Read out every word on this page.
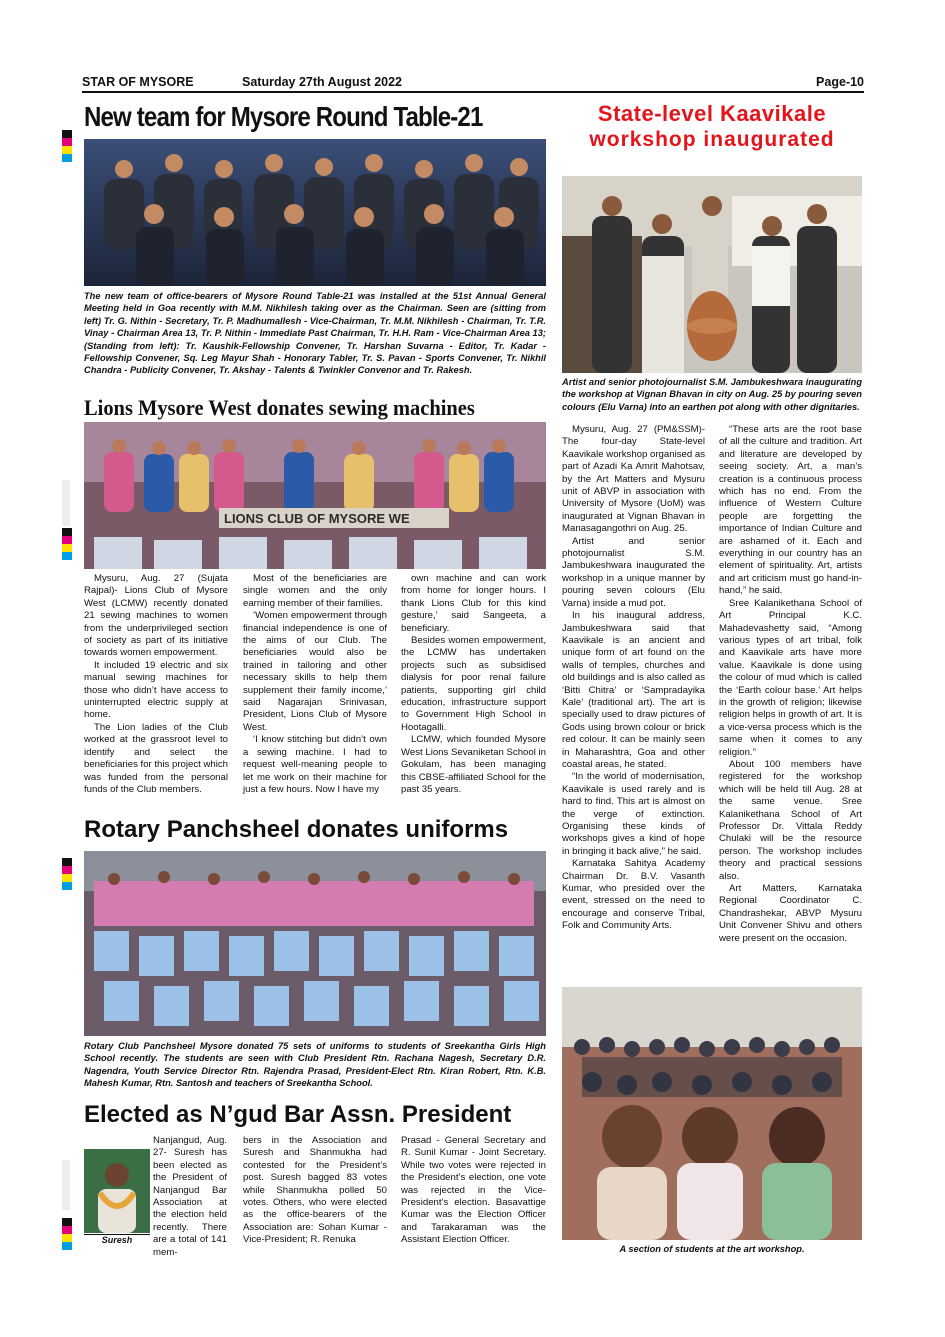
STAR OF MYSORE	Saturday 27th August 2022	Page-10
New team for Mysore Round Table-21
The new team of office-bearers of Mysore Round Table-21 was installed at the 51st Annual General Meeting held in Goa recently with M.M. Nikhilesh taking over as the Chairman. Seen are (sitting from left) Tr. G. Nithin - Secretary, Tr. P. Madhumallesh - Vice-Chairman, Tr. M.M. Nikhilesh - Chairman, Tr. T.R. Vinay - Chairman Area 13, Tr. P. Nithin - Immediate Past Chairman, Tr. H.H. Ram - Vice-Chairman Area 13; (Standing from left): Tr. Kaushik-Fellowship Convener, Tr. Harshan Suvarna - Editor, Tr. Kadar - Fellowship Convener, Sq. Leg Mayur Shah - Honorary Tabler, Tr. S. Pavan - Sports Convener, Tr. Nikhil Chandra - Publicity Convener, Tr. Akshay - Talents & Twinkler Convenor and Tr. Rakesh.
State-level Kaavikale
workshop inaugurated
Artist and senior photojournalist S.M. Jambukeshwara inaugurating the workshop at Vignan Bhavan in city on Aug. 25 by pouring seven colours (Elu Varna) into an earthen pot along with other dignitaries.
Lions Mysore West donates sewing machines
LIONS CLUB OF MYSORE WE

Mysuru, Aug. 27 (Sujata Rajpal)- Lions Club of Mysore West (LCMW) recently donated 21 sewing machines to women from the underprivileged section of society as part of its initiative towards women empowerment.

It included 19 electric and six manual sewing machines for those who didn’t have access to uninterrupted electric supply at home.

The Lion ladies of the Club worked at the grassroot level to identify and select the beneficiaries for this project which was funded from the personal funds of the Club members.

Most of the beneficiaries are single women and the only earning member of their families.

‘Women empowerment through financial independence is one of the aims of our Club. The beneficiaries would also be trained in tailoring and other necessary skills to help them supplement their family income,’ said Nagarajan Srinivasan, President, Lions Club of Mysore West.

‘I know stitching but didn’t own a sewing machine. I had to request well-meaning people to let me work on their machine for just a few hours. Now I have my

own machine and can work from home for longer hours. I thank Lions Club for this kind gesture,’ said Sangeeta, a beneficiary.

Besides women empowerment, the LCMW has undertaken projects such as subsidised dialysis for poor renal failure patients, supporting girl child education, infrastructure support to Government High School in Hootagalli.

LCMW, which founded Mysore West Lions Sevaniketan School in Gokulam, has been managing this CBSE-affiliated School for the past 35 years.

Mysuru, Aug. 27 (PM&SSM)- The four-day State-level Kaavikale workshop organised as part of Azadi Ka Amrit Mahotsav, by the Art Matters and Mysuru unit of ABVP in association with University of Mysore (UoM) was inaugurated at Vignan Bhavan in Manasagangothri on Aug. 25.

Artist and senior photojournalist S.M. Jambukeshwara inaugurated the workshop in a unique manner by pouring seven colours (Elu Varna) inside a mud pot.

In his inaugural address, Jambukeshwara said that Kaavikale is an ancient and unique form of art found on the walls of temples, churches and old buildings and is also called as ‘Bitti Chitra’ or ‘Sampradayika Kale’ (traditional art). The art is specially used to draw pictures of Gods using brown colour or brick red colour. It can be mainly seen in Maharashtra, Goa and other coastal areas, he stated.

“In the world of modernisation, Kaavikale is used rarely and is hard to find. This art is almost on the verge of extinction. Organising these kinds of workshops gives a kind of hope in bringing it back alive,” he said.

Karnataka Sahitya Academy Chairman Dr. B.V. Vasanth Kumar, who presided over the event, stressed on the need to encourage and conserve Tribal, Folk and Community Arts.

“These arts are the root base of all the culture and tradition. Art and literature are developed by seeing society. Art, a man’s creation is a continuous process which has no end. From the influence of Western Culture people are forgetting the importance of Indian Culture and are ashamed of it. Each and everything in our country has an element of spirituality. Art, artists and art criticism must go hand-in-hand,” he said.

Sree Kalanikethana School of Art Principal K.C. Mahadevashetty said, “Among various types of art tribal, folk and Kaavikale arts have more value. Kaavikale is done using the colour of mud which is called the ‘Earth colour base.’ Art helps in the growth of religion; likewise religion helps in growth of art. It is a vice-versa process which is the same when it comes to any religion.”

About 100 members have registered for the workshop which will be held till Aug. 28 at the same venue. Sree Kalanikethana School of Art Professor Dr. Vittala Reddy Chulaki will be the resource person. The workshop includes theory and practical sessions also.

Art Matters, Karnataka Regional Coordinator C. Chandrashekar, ABVP Mysuru Unit Convener Shivu and others were present on the occasion.

Rotary Panchsheel donates uniforms
Rotary Club Panchsheel Mysore donated 75 sets of uniforms to students of Sreekantha Girls High School recently. The students are seen with Club President Rtn. Rachana Nagesh, Secretary D.R. Nagendra, Youth Service Director Rtn. Rajendra Prasad, President-Elect Rtn. Kiran Robert, Rtn. K.B. Mahesh Kumar, Rtn. Santosh and teachers of Sreekantha School.
Elected as N’gud Bar Assn. President
Suresh
Nanjangud, Aug. 27- Suresh has been elected as the President of Nanjangud Bar Association at the election held recently. There are a total of 141 mem-
bers in the Association and Suresh and Shanmukha had contested for the President’s post. Suresh bagged 83 votes while Shanmukha polled 50 votes. Others, who were elected as the office-bearers of the Association are: Sohan Kumar - Vice-President; R. Renuka
Prasad - General Secretary and R. Sunil Kumar - Joint Secretary. While two votes were rejected in the President’s election, one vote was rejected in the Vice-President’s election. Basavattige Kumar was the Election Officer and Tarakaraman was the Assistant Election Officer.
A section of students at the art workshop.
